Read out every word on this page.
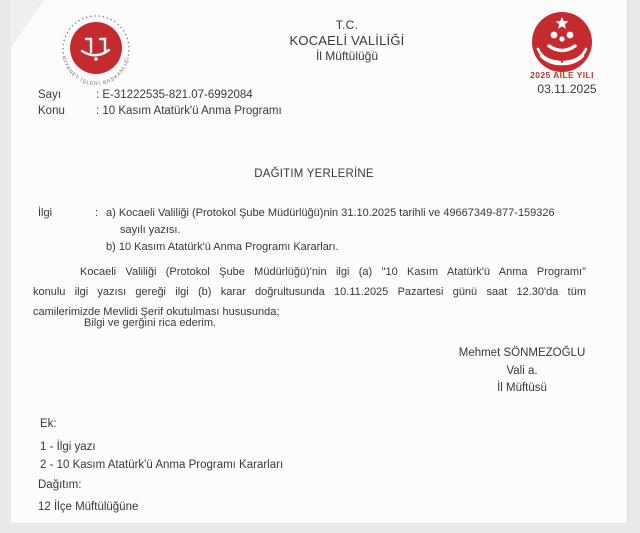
DİYANET İŞLERİ BAŞKANLIĞI
2025 AİLE YILI
03.11.2025
T.C.
KOCAELİ VALİLİĞİ
İl Müftülüğü
Sayı	: E-31222535-821.07-6992084
Konu	: 10 Kasım Atatürk'ü Anma Programı
DAĞITIM YERLERİNE
İlgi	: a) Kocaeli Valiliği (Protokol Şube Müdürlüğü)nin 31.10.2025 tarihli ve 49667349-877-159326
sayılı yazısı.
b) 10 Kasım Atatürk'ü Anma Programı Kararları.
Kocaeli Valiliği (Protokol Şube Müdürlüğü)'nin ilgi (a) "10 Kasım Atatürk'ü Anma Programı"
konulu ilgi yazısı gereği ilgi (b) karar doğrultusunda 10.11.2025 Pazartesi günü saat 12.30'da tüm
camilerimizde Mevlidi Şerif okutulması hususunda;
Bilgi ve gerğini rica ederim.
Mehmet SÖNMEZOĞLU
Vali a.
İl Müftüsü
Ek:
1 - İlgi yazı
2 - 10 Kasım Atatürk'ü Anma Programı Kararları
Dağıtım:
12 İlçe Müftülüğüne
